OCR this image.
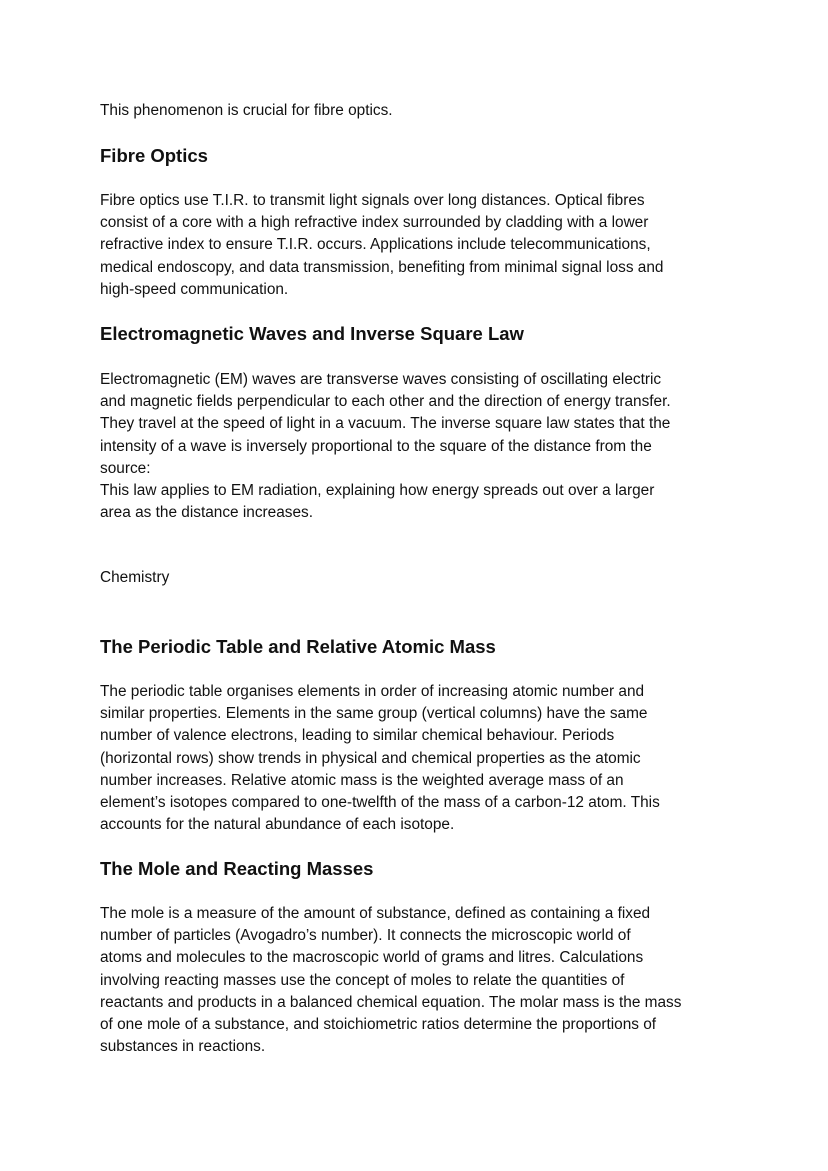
This phenomenon is crucial for fibre optics.
Fibre Optics
Fibre optics use T.I.R. to transmit light signals over long distances. Optical fibres
consist of a core with a high refractive index surrounded by cladding with a lower
refractive index to ensure T.I.R. occurs. Applications include telecommunications,
medical endoscopy, and data transmission, benefiting from minimal signal loss and
high-speed communication.
Electromagnetic Waves and Inverse Square Law
Electromagnetic (EM) waves are transverse waves consisting of oscillating electric
and magnetic fields perpendicular to each other and the direction of energy transfer.
They travel at the speed of light in a vacuum. The inverse square law states that the
intensity of a wave is inversely proportional to the square of the distance from the
source:
This law applies to EM radiation, explaining how energy spreads out over a larger
area as the distance increases.
Chemistry
The Periodic Table and Relative Atomic Mass
The periodic table organises elements in order of increasing atomic number and
similar properties. Elements in the same group (vertical columns) have the same
number of valence electrons, leading to similar chemical behaviour. Periods
(horizontal rows) show trends in physical and chemical properties as the atomic
number increases. Relative atomic mass is the weighted average mass of an
element’s isotopes compared to one-twelfth of the mass of a carbon-12 atom. This
accounts for the natural abundance of each isotope.
The Mole and Reacting Masses
The mole is a measure of the amount of substance, defined as containing a fixed
number of particles (Avogadro’s number). It connects the microscopic world of
atoms and molecules to the macroscopic world of grams and litres. Calculations
involving reacting masses use the concept of moles to relate the quantities of
reactants and products in a balanced chemical equation. The molar mass is the mass
of one mole of a substance, and stoichiometric ratios determine the proportions of
substances in reactions.
